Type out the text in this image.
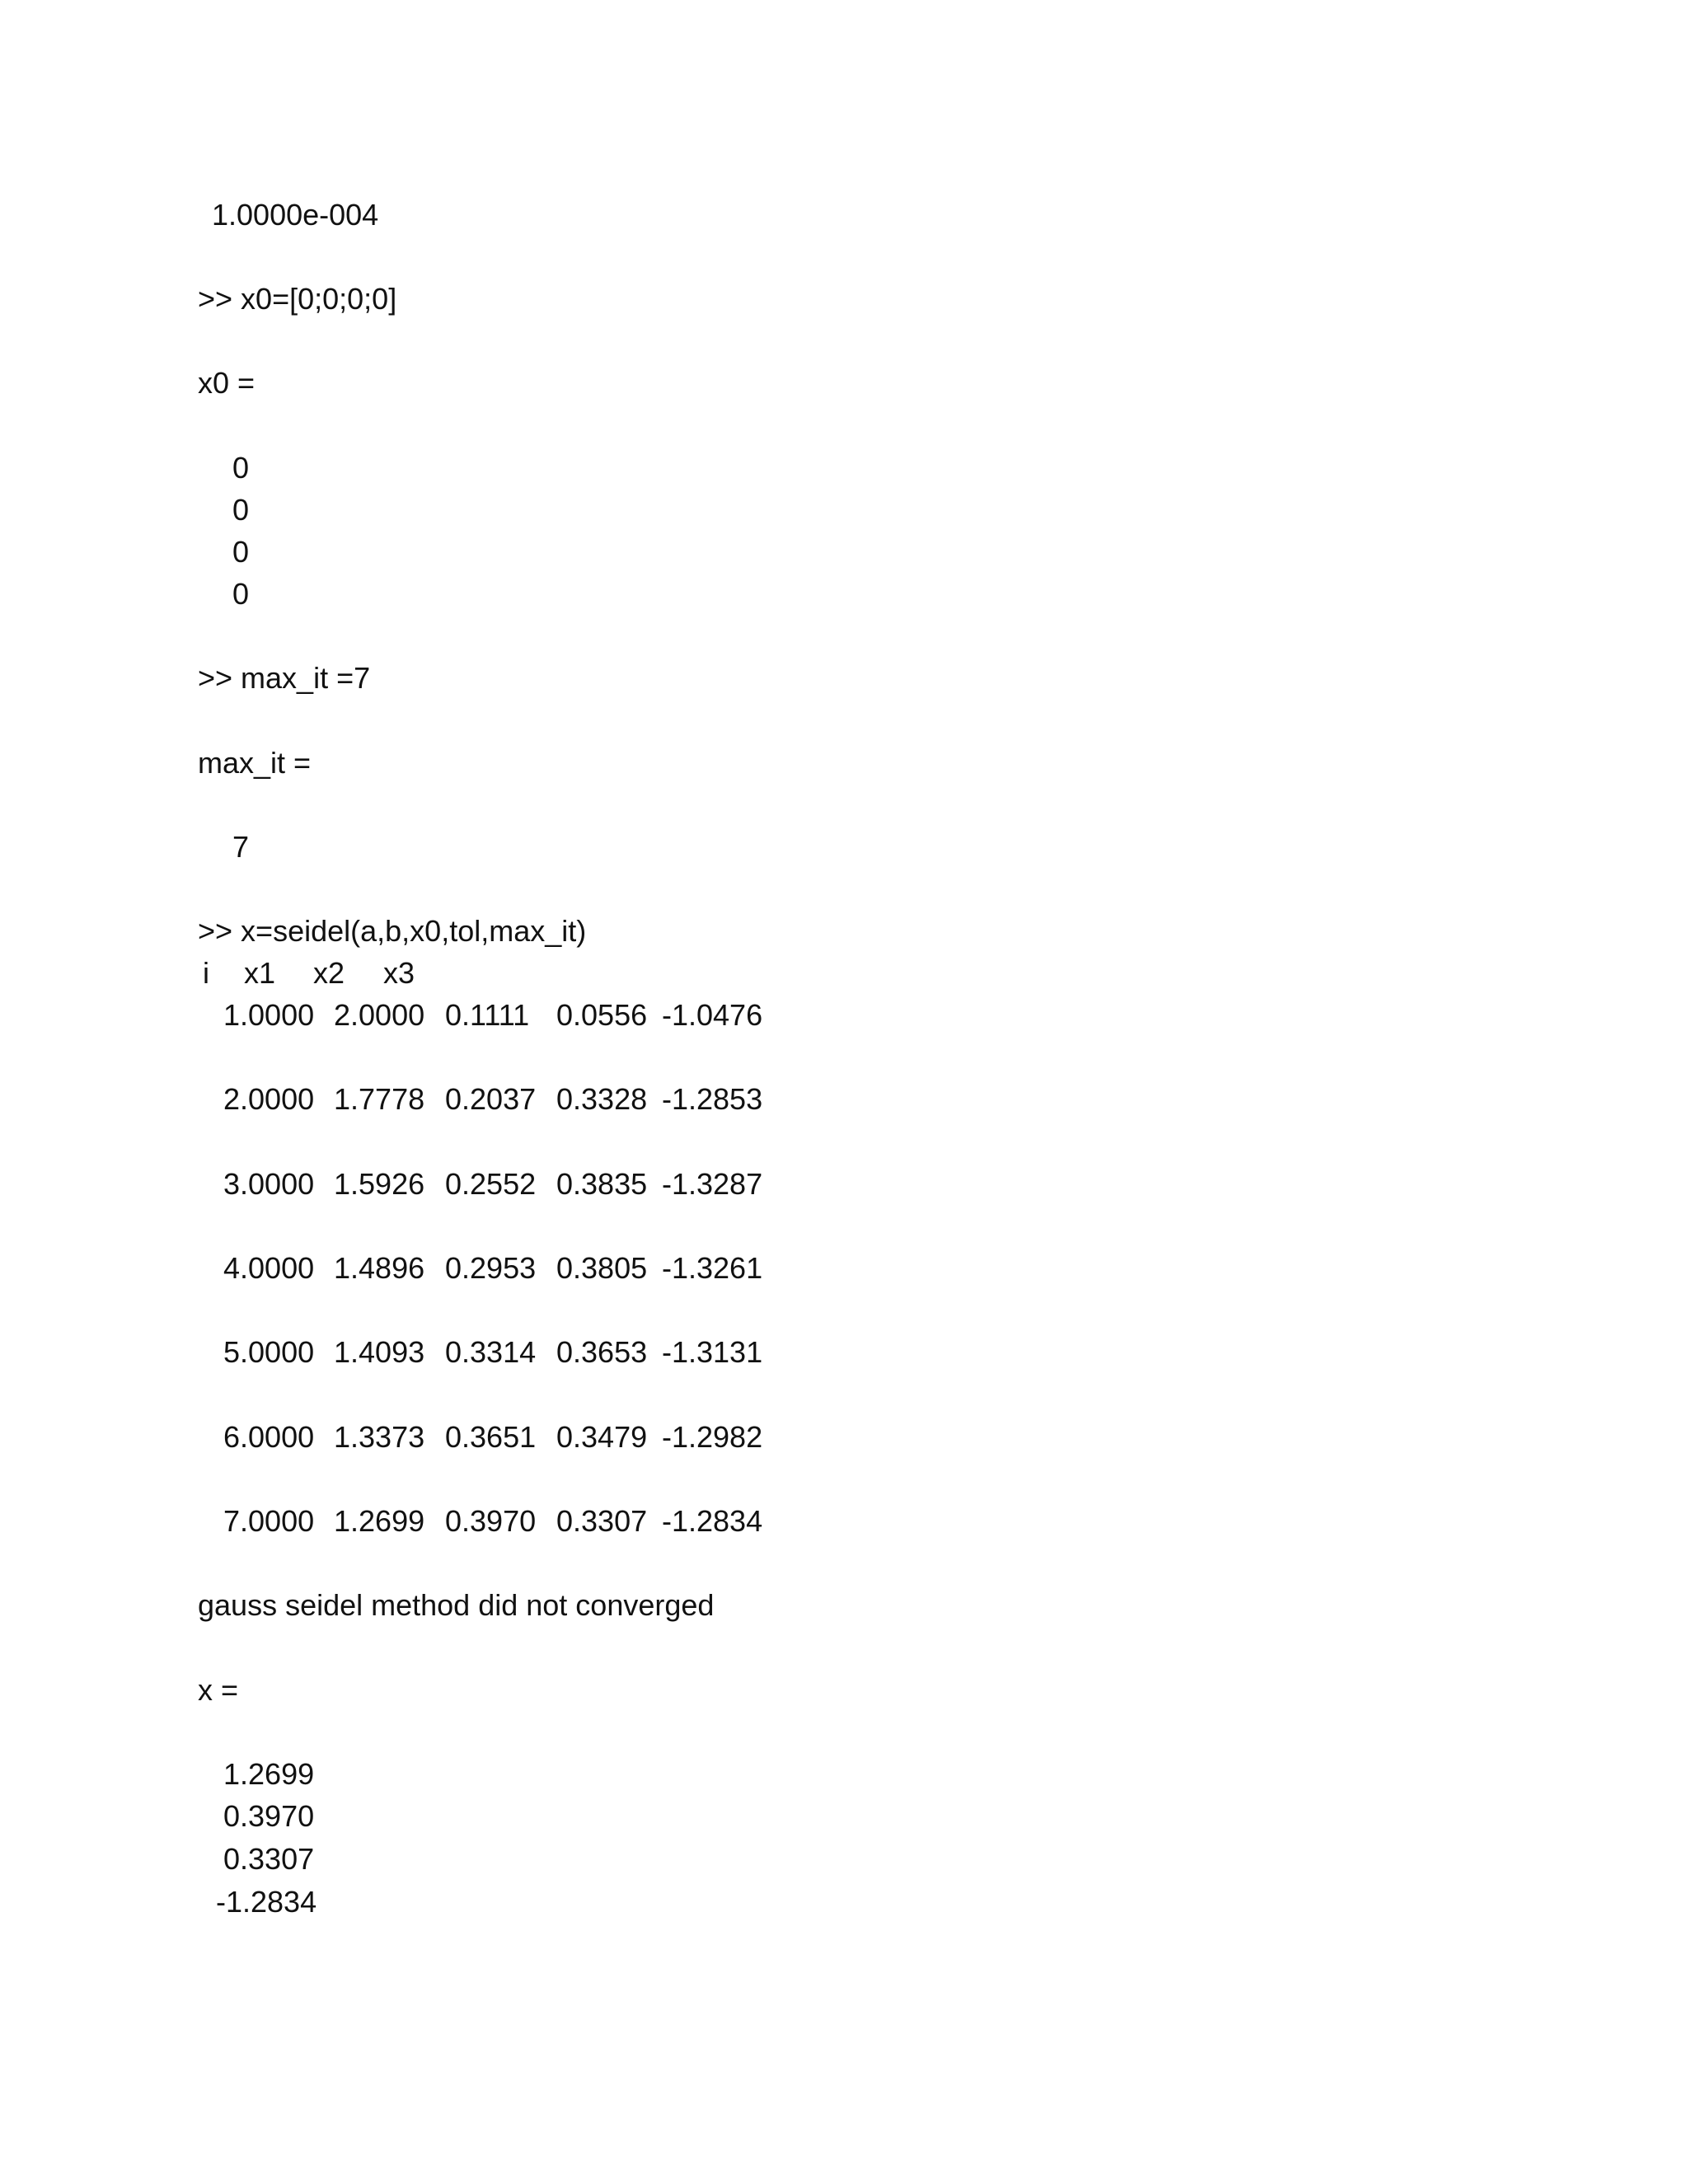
1.0000e-004
>> x0=[0;0;0;0]
x0 =
0
0
0
0
>> max_it =7
max_it =
7
>> x=seidel(a,b,x0,tol,max_it)

i

x1

x2

x3

1.0000

2.0000

0.1111

0.0556

-1.0476

2.0000

1.7778

0.2037

0.3328

-1.2853

3.0000

1.5926

0.2552

0.3835

-1.3287

4.0000

1.4896

0.2953

0.3805

-1.3261

5.0000

1.4093

0.3314

0.3653

-1.3131

6.0000

1.3373

0.3651

0.3479

-1.2982

7.0000

1.2699

0.3970

0.3307

-1.2834

gauss seidel method did not converged
x =
1.2699
0.3970
0.3307
-1.2834
